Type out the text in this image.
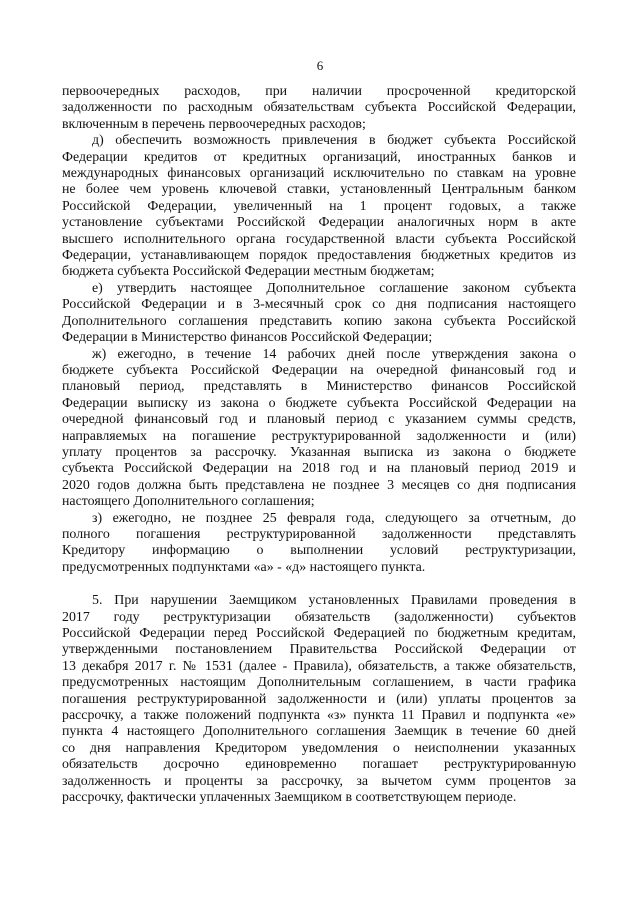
6
первоочередных расходов, при наличии просроченной кредиторской
задолженности по расходным обязательствам субъекта Российской Федерации,
включенным в перечень первоочередных расходов;
д) обеспечить возможность привлечения в бюджет субъекта Российской
Федерации кредитов от кредитных организаций, иностранных банков и
международных финансовых организаций исключительно по ставкам на уровне
не более чем уровень ключевой ставки, установленный Центральным банком
Российской Федерации, увеличенный на 1 процент годовых, а также
установление субъектами Российской Федерации аналогичных норм в акте
высшего исполнительного органа государственной власти субъекта Российской
Федерации, устанавливающем порядок предоставления бюджетных кредитов из
бюджета субъекта Российской Федерации местным бюджетам;
е) утвердить настоящее Дополнительное соглашение законом субъекта
Российской Федерации и в 3-месячный срок со дня подписания настоящего
Дополнительного соглашения представить копию закона субъекта Российской
Федерации в Министерство финансов Российской Федерации;
ж) ежегодно, в течение 14 рабочих дней после утверждения закона о
бюджете субъекта Российской Федерации на очередной финансовый год и
плановый период, представлять в Министерство финансов Российской
Федерации выписку из закона о бюджете субъекта Российской Федерации на
очередной финансовый год и плановый период с указанием суммы средств,
направляемых на погашение реструктурированной задолженности и (или)
уплату процентов за рассрочку. Указанная выписка из закона о бюджете
субъекта Российской Федерации на 2018 год и на плановый период 2019 и
2020 годов должна быть представлена не позднее 3 месяцев со дня подписания
настоящего Дополнительного соглашения;
з) ежегодно, не позднее 25 февраля года, следующего за отчетным, до
полного погашения реструктурированной задолженности представлять
Кредитору информацию о выполнении условий реструктуризации,
предусмотренных подпунктами «а» - «д» настоящего пункта.
5. При нарушении Заемщиком установленных Правилами проведения в
2017 году реструктуризации обязательств (задолженности) субъектов
Российской Федерации перед Российской Федерацией по бюджетным кредитам,
утвержденными постановлением Правительства Российской Федерации от
13 декабря 2017 г. № 1531 (далее - Правила), обязательств, а также обязательств,
предусмотренных настоящим Дополнительным соглашением, в части графика
погашения реструктурированной задолженности и (или) уплаты процентов за
рассрочку, а также положений подпункта «з» пункта 11 Правил и подпункта «е»
пункта 4 настоящего Дополнительного соглашения Заемщик в течение 60 дней
со дня направления Кредитором уведомления о неисполнении указанных
обязательств досрочно единовременно погашает реструктурированную
задолженность и проценты за рассрочку, за вычетом сумм процентов за
рассрочку, фактически уплаченных Заемщиком в соответствующем периоде.
